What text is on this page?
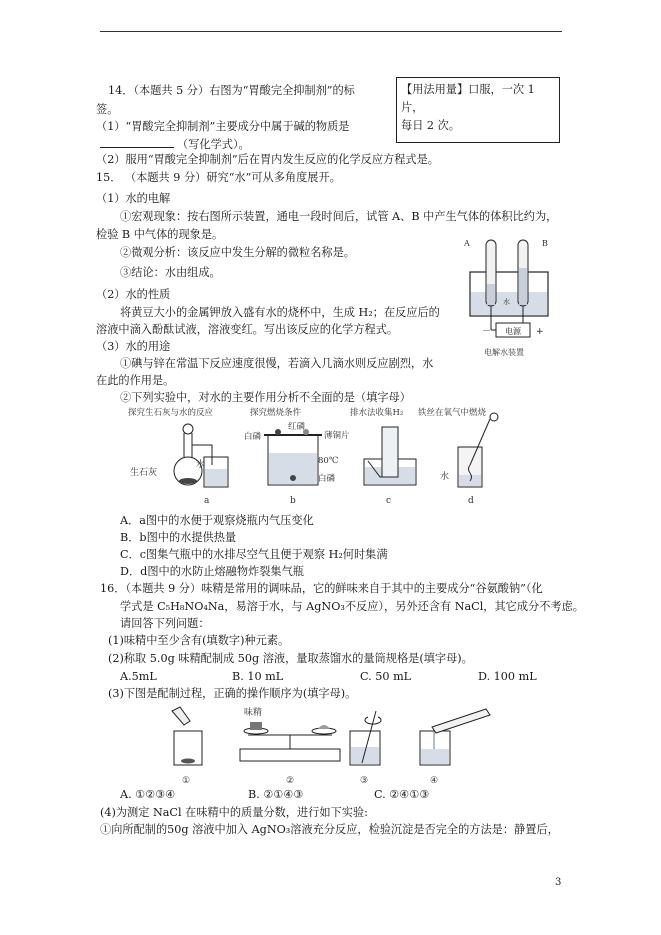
14．（本题共 5 分）右图为“胃酸完全抑制剂”的标
签。
（1）“胃酸完全抑制剂”主要成分中属于碱的物质是
（写化学式）。
（2）服用“胃酸完全抑制剂”后在胃内发生反应的化学反应方程式是。
【用法用量】口服，一次 1 片，
每日 2 次。
15． （本题共 9 分）研究“水”可从多角度展开。
（1）水的电解
①宏观现象：按右图所示装置，通电一段时间后，试管 A、B 中产生气体的体积比约为，
检验 B 中气体的现象是。
②微观分析：该反应中发生分解的微粒名称是。
③结论：水由组成。
（2）水的性质
将黄豆大小的金属钾放入盛有水的烧杯中，生成 H₂；在反应后的
溶液中滴入酚酞试液，溶液变红。写出该反应的化学方程式。
（3）水的用途
①碘与锌在常温下反应速度很慢，若滴入几滴水则反应剧烈，水
在此的作用是。
②下列实验中，对水的主要作用分析不全面的是（填字母）
A	B
电源
－	+
水
电解水装置
探究生石灰与水的反应	探究燃烧条件	排水法收集H₂ 铁丝在氧气中燃烧
生石灰
水
a
白磷
红磷
薄铜片
80℃
白磷
b	c
水
d
A．a图中的水便于观察烧瓶内气压变化
B．b图中的水提供热量
C．c图集气瓶中的水排尽空气且便于观察 H₂何时集满
D．d图中的水防止熔融物炸裂集气瓶
16．（本题共 9 分）味精是常用的调味品，它的鲜味来自于其中的主要成分“谷氨酸钠”（化
学式是 C₅H₈NO₄Na，易溶于水，与 AgNO₃不反应），另外还含有 NaCl，其它成分不考虑。
请回答下列问题：
(1)味精中至少含有(填数字)种元素。
(2)称取 5.0g 味精配制成 50g 溶液，量取蒸馏水的量筒规格是(填字母)。
A.5mL	B. 10 mL	C. 50 mL	D. 100 mL
(3)下图是配制过程，正确的操作顺序为(填字母)。
①
味精
②	③	④
A. ①②③④	B. ②①④③	C. ②④①③
(4)为测定 NaCl 在味精中的质量分数，进行如下实验:
①向所配制的50g 溶液中加入 AgNO₃溶液充分反应，检验沉淀是否完全的方法是：静置后，
3
